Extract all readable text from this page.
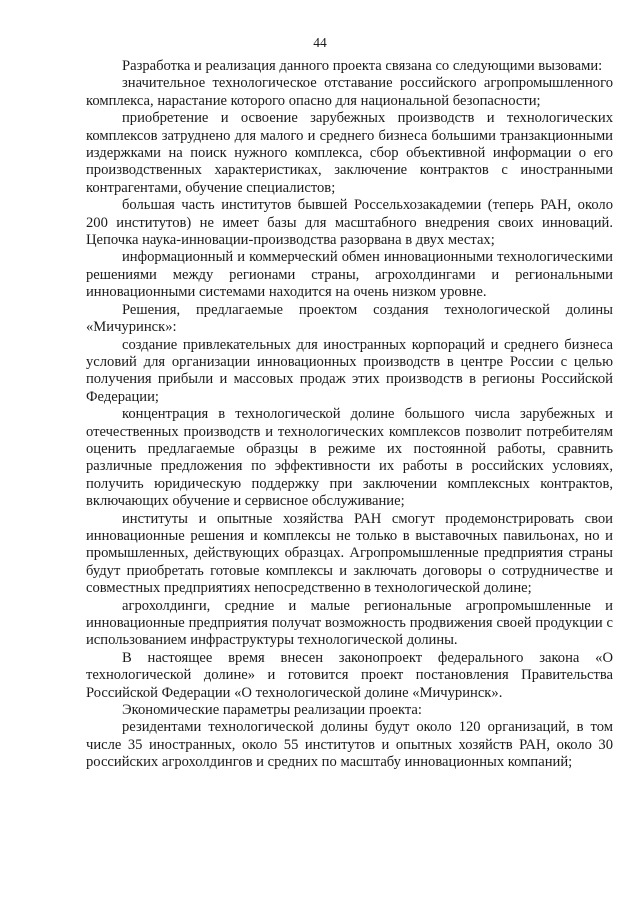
44

Разработка и реализация данного проекта связана со следующими вызовами:

значительное технологическое отставание российского агропромышленного комплекса, нарастание которого опасно для национальной безопасности;

приобретение и освоение зарубежных производств и технологических комплексов затруднено для малого и среднего бизнеса большими транзакционными издержками на поиск нужного комплекса, сбор объективной информации о его производственных характеристиках, заключение контрактов с иностранными контрагентами, обучение специалистов;

большая часть институтов бывшей Россельхозакадемии (теперь РАН, около 200 институтов) не имеет базы для масштабного внедрения своих инноваций. Цепочка наука-инновации-производства разорвана в двух местах;

информационный и коммерческий обмен инновационными технологическими решениями между регионами страны, агрохолдингами и региональными инновационными системами находится на очень низком уровне.

Решения, предлагаемые проектом создания технологической долины «Мичуринск»:

создание привлекательных для иностранных корпораций и среднего бизнеса условий для организации инновационных производств в центре России с целью получения прибыли и массовых продаж этих производств в регионы Российской Федерации;

концентрация в технологической долине большого числа зарубежных и отечественных производств и технологических комплексов позволит потребителям оценить предлагаемые образцы в режиме их постоянной работы, сравнить различные предложения по эффективности их работы в российских условиях, получить юридическую поддержку при заключении комплексных контрактов, включающих обучение и сервисное обслуживание;

институты и опытные хозяйства РАН смогут продемонстрировать свои инновационные решения и комплексы не только в выставочных павильонах, но и промышленных, действующих образцах. Агропромышленные предприятия страны будут приобретать готовые комплексы и заключать договоры о сотрудничестве и совместных предприятиях непосредственно в технологической долине;

агрохолдинги, средние и малые региональные агропромышленные и инновационные предприятия получат возможность продвижения своей продукции с использованием инфраструктуры технологической долины.

В настоящее время внесен законопроект федерального закона «О технологической долине» и готовится проект постановления Правительства Российской Федерации «О технологической долине «Мичуринск».

Экономические параметры реализации проекта:

резидентами технологической долины будут около 120 организаций, в том числе 35 иностранных, около 55 институтов и опытных хозяйств РАН, около 30 российских агрохолдингов и средних по масштабу инновационных компаний;
